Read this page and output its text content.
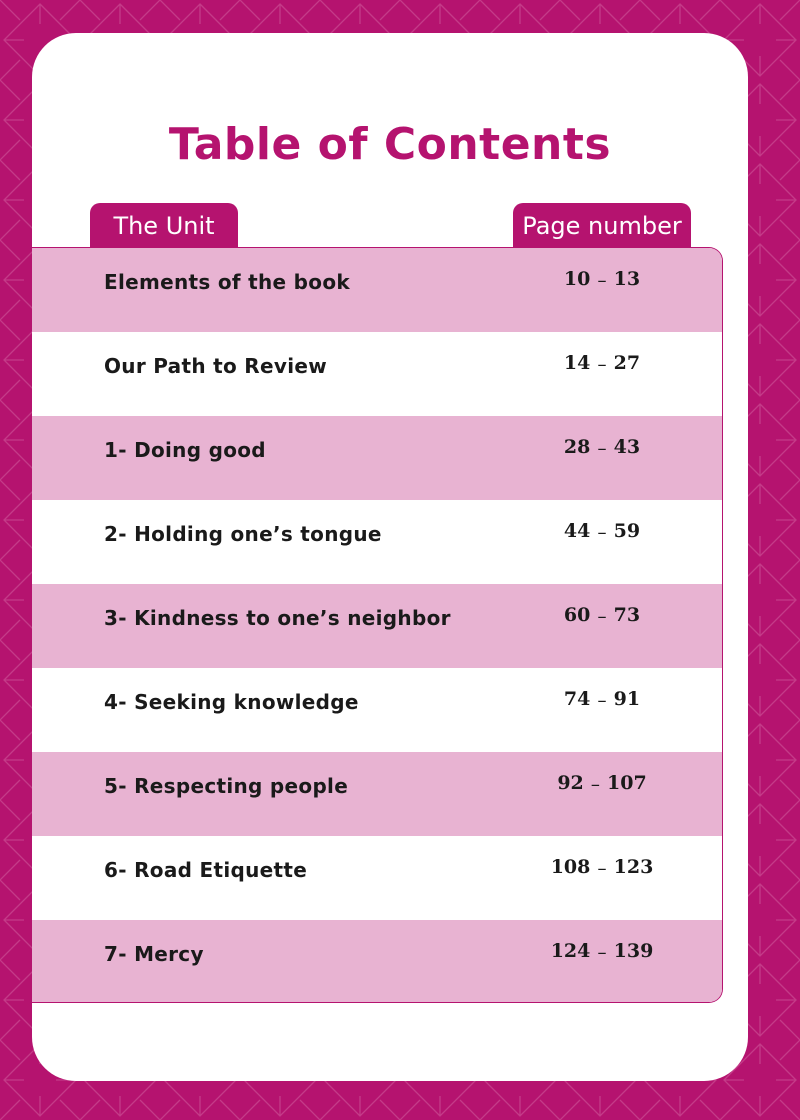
Table of Contents
The Unit	Page number
Elements of the book	10 ₋ 13
Our Path to Review	14 ₋ 27
1- Doing good	28 ₋ 43
2- Holding one’s tongue	44 ₋ 59
3- Kindness to one’s neighbor	60 ₋ 73
4- Seeking knowledge	74 ₋ 91
5- Respecting people	92 ₋ 107
6- Road Etiquette	108 ₋ 123
7- Mercy	124 ₋ 139
